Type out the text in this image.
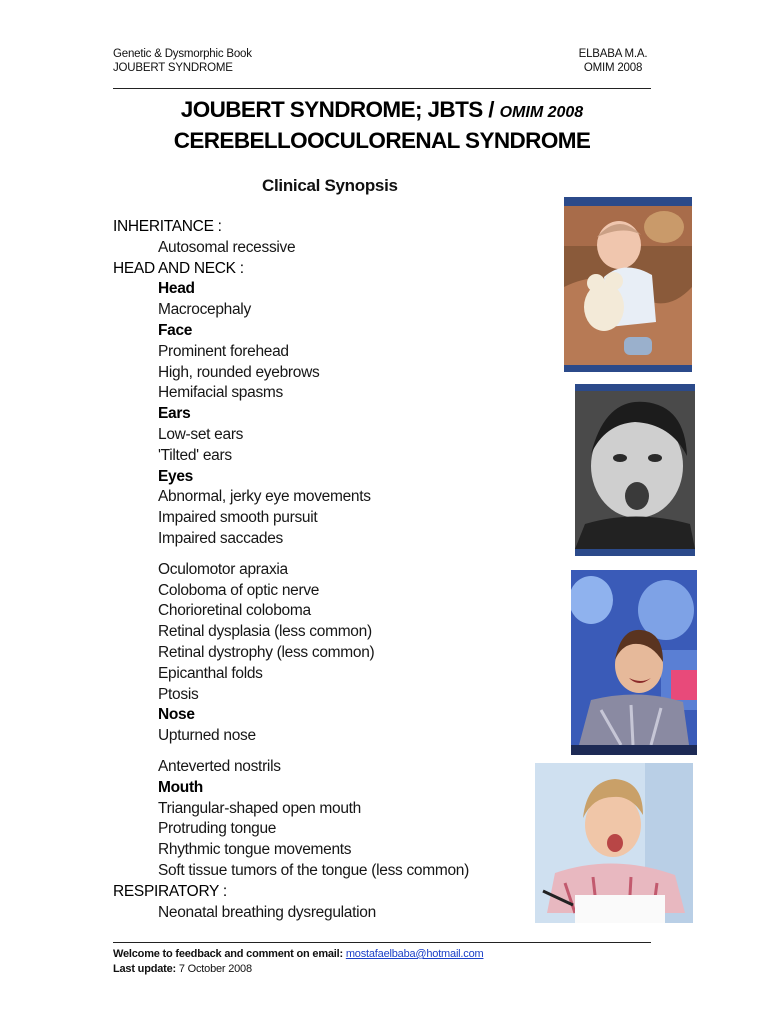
Genetic & Dysmorphic Book
JOUBERT SYNDROME
ELBABA M.A.
OMIM 2008
JOUBERT SYNDROME; JBTS / OMIM 2008
CEREBELLOOCULORENAL SYNDROME
Clinical Synopsis
INHERITANCE :
Autosomal recessive
HEAD AND NECK :
Head
Macrocephaly
Face
Prominent forehead
High, rounded eyebrows
Hemifacial spasms
Ears
Low-set ears
'Tilted' ears
Eyes
Abnormal, jerky eye movements
Impaired smooth pursuit
Impaired saccades
Oculomotor apraxia
Coloboma of optic nerve
Chorioretinal coloboma
Retinal dysplasia (less common)
Retinal dystrophy (less common)
Epicanthal folds
Ptosis
Nose
Upturned nose
Anteverted nostrils
Mouth
Triangular-shaped open mouth
Protruding tongue
Rhythmic tongue movements
Soft tissue tumors of the tongue (less common)
RESPIRATORY :
Neonatal breathing dysregulation
Welcome to feedback and comment on email: mostafaelbaba@hotmail.com
Last update: 7 October 2008
